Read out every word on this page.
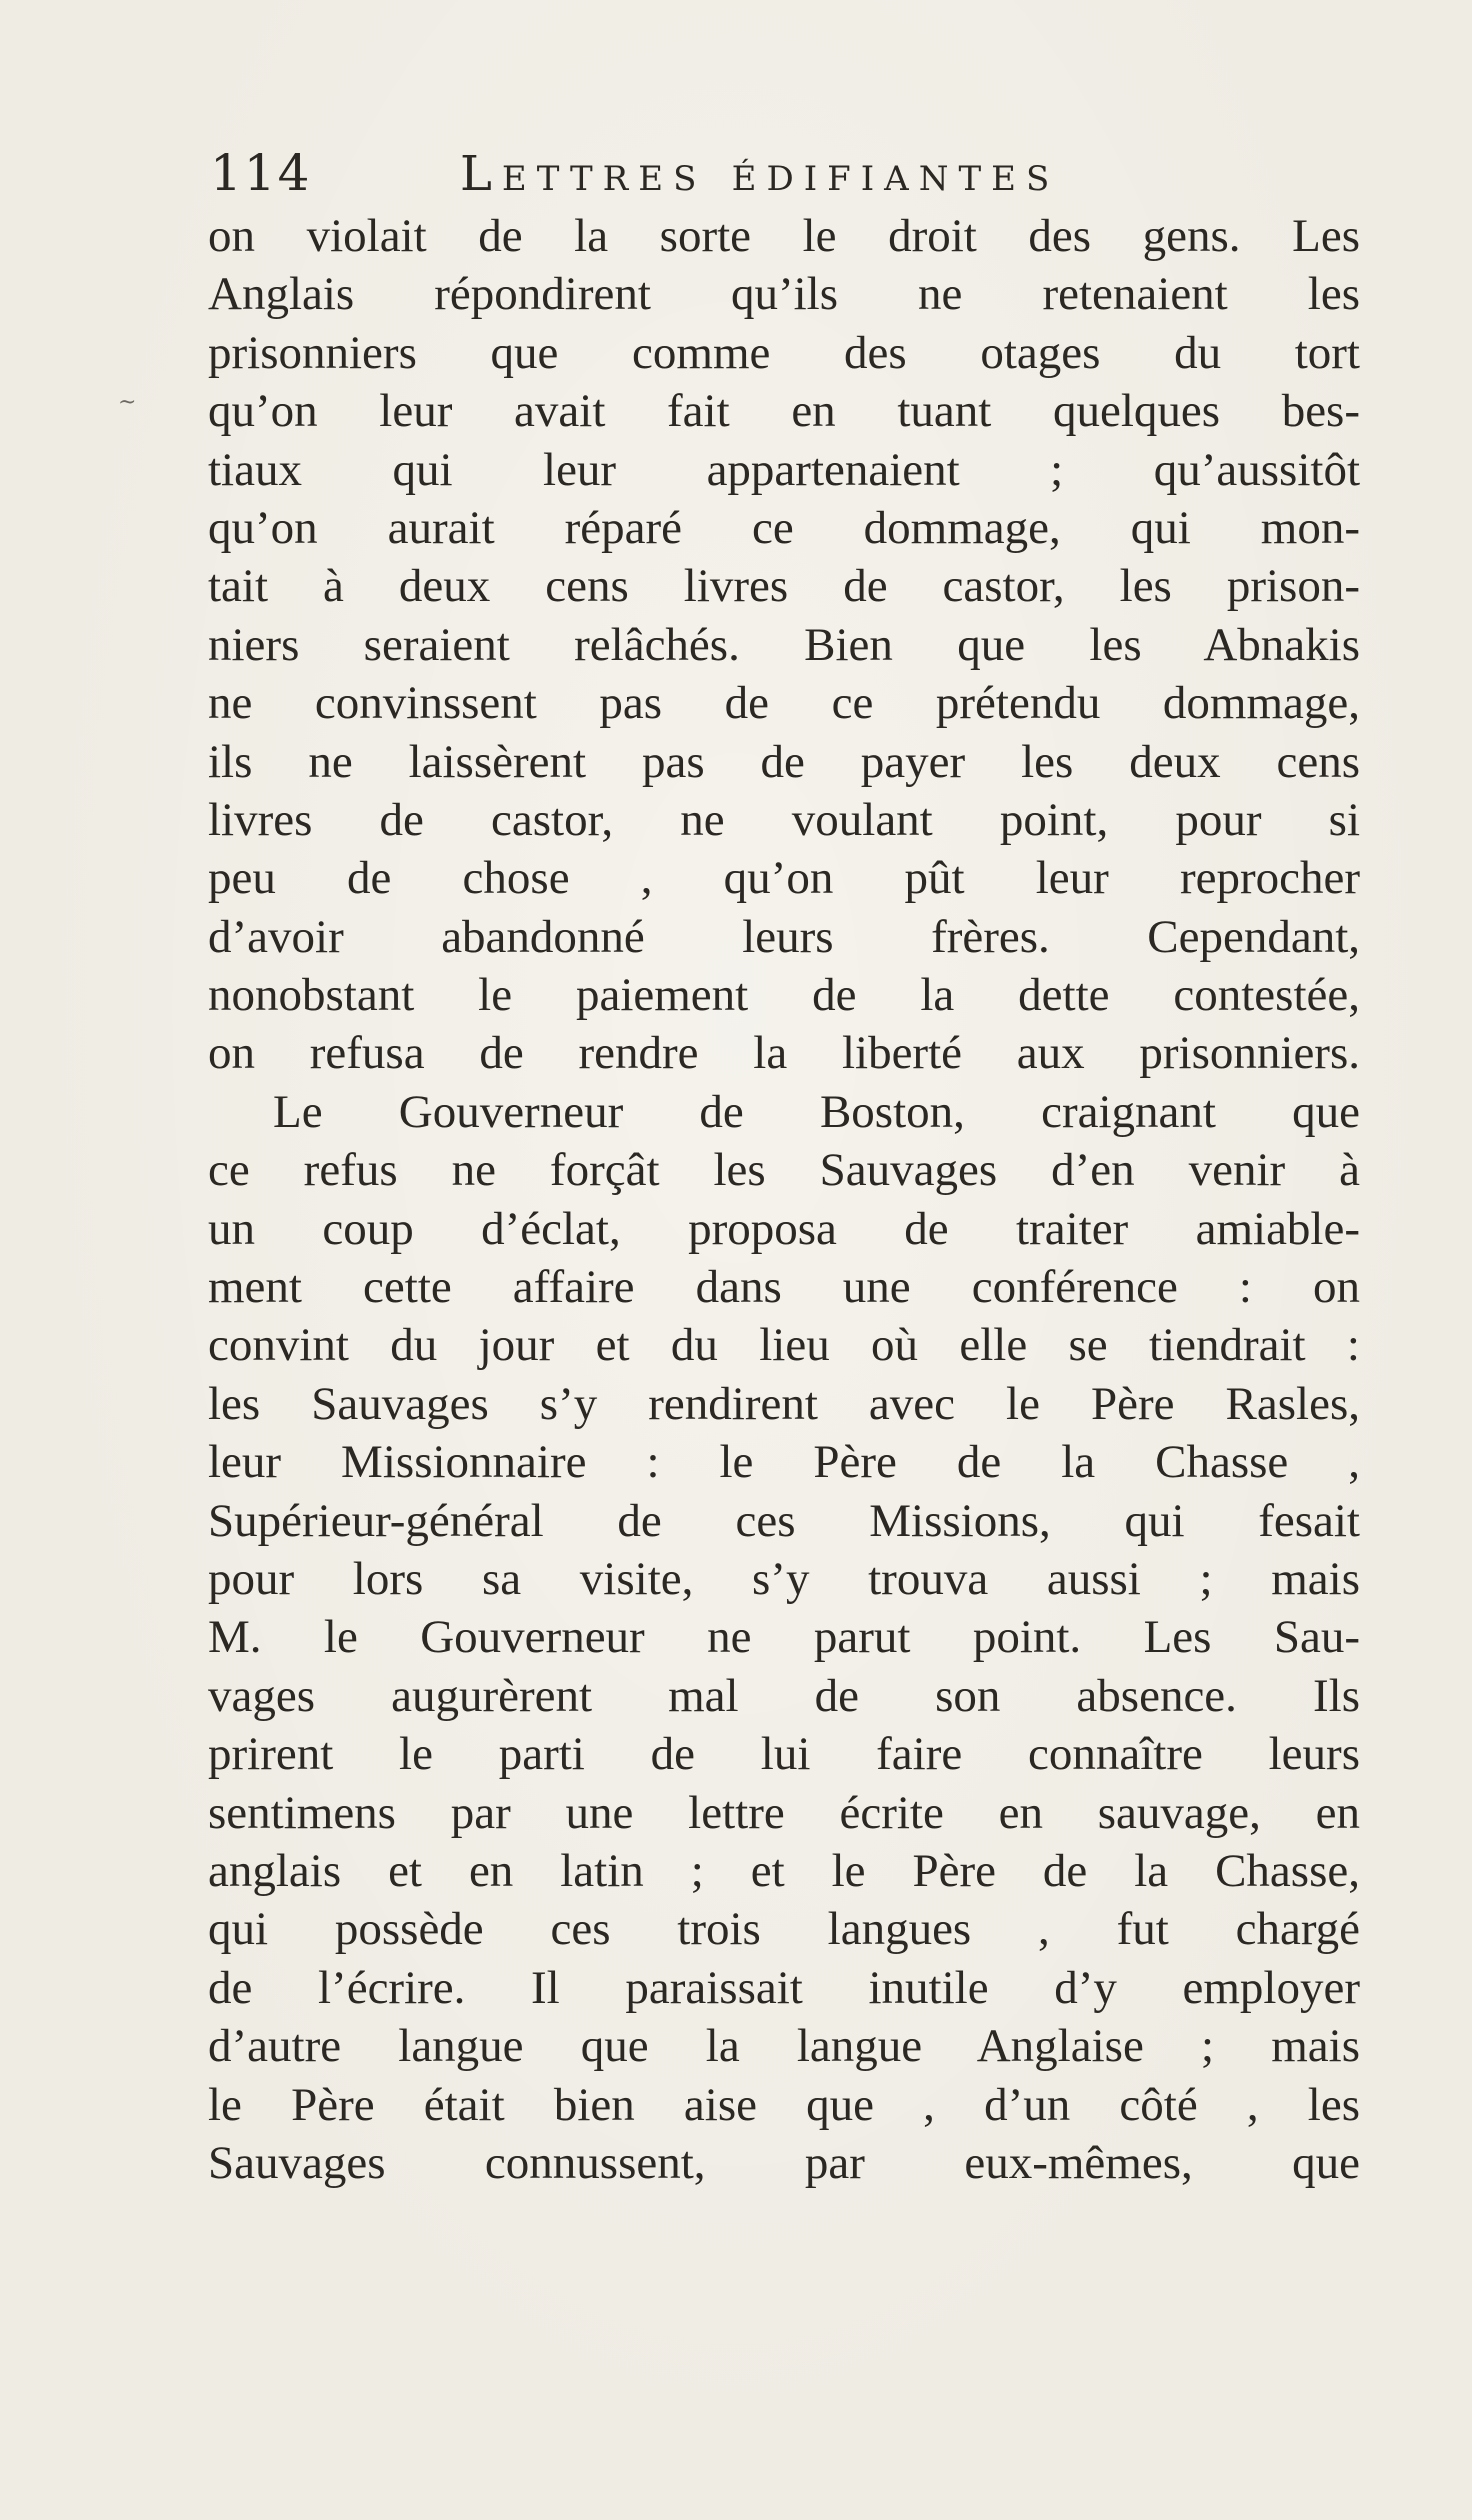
~
114	Lettres édifiantes
on violait de la sorte le droit des gens. Les
Anglais répondirent qu’ils ne retenaient les
prisonniers que comme des otages du tort
qu’on leur avait fait en tuant quelques bes-
tiaux qui leur appartenaient ; qu’aussitôt
qu’on aurait réparé ce dommage, qui mon-
tait à deux cens livres de castor, les prison-
niers seraient relâchés. Bien que les Abnakis
ne convinssent pas de ce prétendu dommage,
ils ne laissèrent pas de payer les deux cens
livres de castor, ne voulant point, pour si
peu de chose , qu’on pût leur reprocher
d’avoir abandonné leurs frères. Cependant,
nonobstant le paiement de la dette contestée,
on refusa de rendre la liberté aux prisonniers.
Le Gouverneur de Boston, craignant que
ce refus ne forçât les Sauvages d’en venir à
un coup d’éclat, proposa de traiter amiable-
ment cette affaire dans une conférence : on
convint du jour et du lieu où elle se tiendrait :
les Sauvages s’y rendirent avec le Père Rasles,
leur Missionnaire : le Père de la Chasse ,
Supérieur-général de ces Missions, qui fesait
pour lors sa visite, s’y trouva aussi ; mais
M. le Gouverneur ne parut point. Les Sau-
vages augurèrent mal de son absence. Ils
prirent le parti de lui faire connaître leurs
sentimens par une lettre écrite en sauvage, en
anglais et en latin ; et le Père de la Chasse,
qui possède ces trois langues , fut chargé
de l’écrire. Il paraissait inutile d’y employer
d’autre langue que la langue Anglaise ; mais
le Père était bien aise que , d’un côté , les
Sauvages connussent, par eux-mêmes, que
